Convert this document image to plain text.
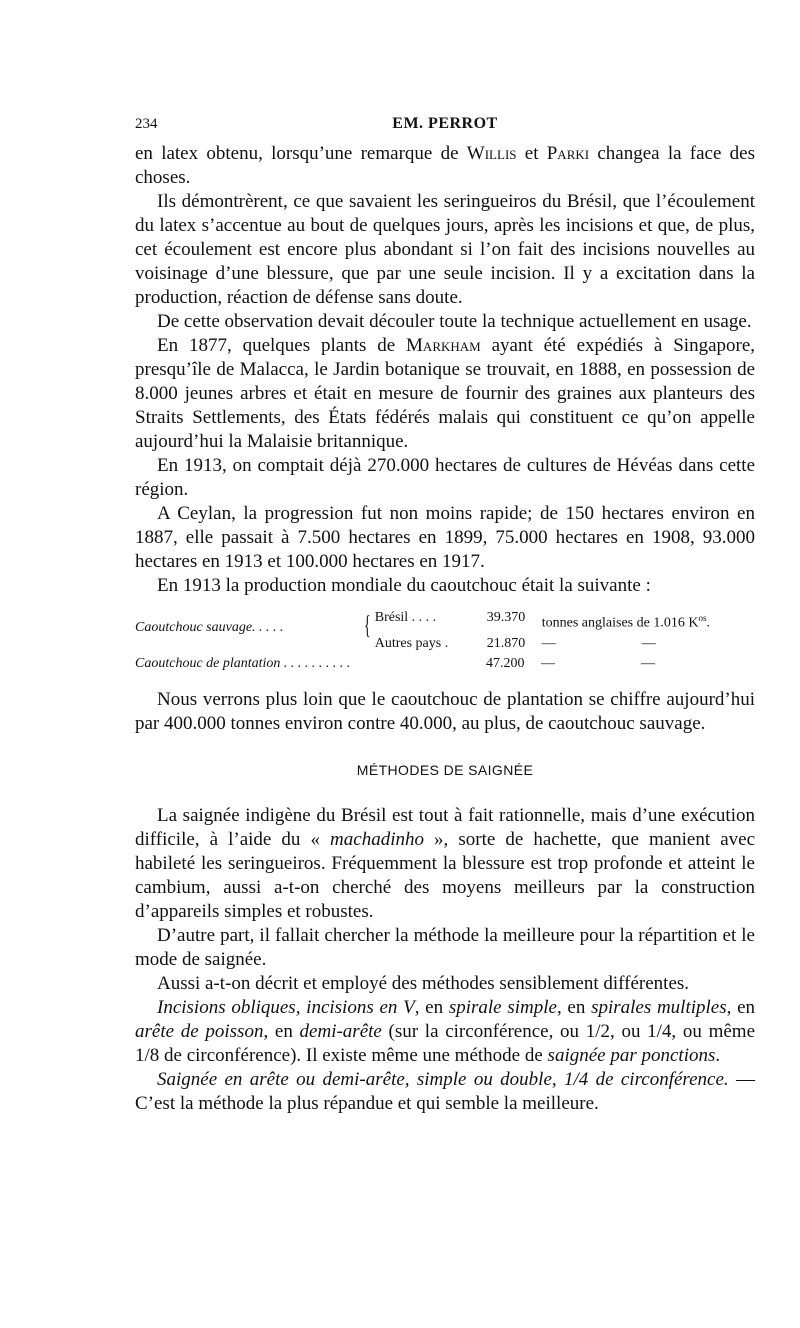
234	EM. PERROT

en latex obtenu, lorsqu’une remarque de Willis et Parki changea la face des choses.

Ils démontrèrent, ce que savaient les seringueiros du Brésil, que l’écoulement du latex s’accentue au bout de quelques jours, après les incisions et que, de plus, cet écoulement est encore plus abondant si l’on fait des incisions nouvelles au voisinage d’une blessure, que par une seule incision. Il y a excitation dans la production, réaction de défense sans doute.

De cette observation devait découler toute la technique actuellement en usage.

En 1877, quelques plants de Markham ayant été expédiés à Singapore, presqu’île de Malacca, le Jardin botanique se trouvait, en 1888, en possession de 8.000 jeunes arbres et était en mesure de fournir des graines aux planteurs des Straits Settlements, des États fédérés malais qui constituent ce qu’on appelle aujourd’hui la Malaisie britannique.

En 1913, on comptait déjà 270.000 hectares de cultures de Hévéas dans cette région.

A Ceylan, la progression fut non moins rapide; de 150 hectares environ en 1887, elle passait à 7.500 hectares en 1899, 75.000 hectares en 1908, 93.000 hectares en 1913 et 100.000 hectares en 1917.

En 1913 la production mondiale du caoutchouc était la suivante :

Caoutchouc sauvage. . . . .	{ Brésil . . . .	39.370	tonnes anglaises de 1.016 $K^{os}$.
Autres pays .	21.870	—	—
Caoutchouc de plantation . . . . . . . . . .	47.200	—	—

Nous verrons plus loin que le caoutchouc de plantation se chiffre aujourd’hui par 400.000 tonnes environ contre 40.000, au plus, de caoutchouc sauvage.

MÉTHODES DE SAIGNÉE

La saignée indigène du Brésil est tout à fait rationnelle, mais d’une exécution difficile, à l’aide du « machadinho », sorte de hachette, que manient avec habileté les seringueiros. Fréquemment la blessure est trop profonde et atteint le cambium, aussi a-t-on cherché des moyens meilleurs par la construction d’appareils simples et robustes.

D’autre part, il fallait chercher la méthode la meilleure pour la répartition et le mode de saignée.

Aussi a-t-on décrit et employé des méthodes sensiblement différentes.

Incisions obliques, incisions en V, en spirale simple, en spirales multiples, en arête de poisson, en demi-arête (sur la circonférence, ou 1/2, ou 1/4, ou même 1/8 de circonférence). Il existe même une méthode de saignée par ponctions.

Saignée en arête ou demi-arête, simple ou double, 1/4 de circonférence. — C’est la méthode la plus répandue et qui semble la meilleure.
